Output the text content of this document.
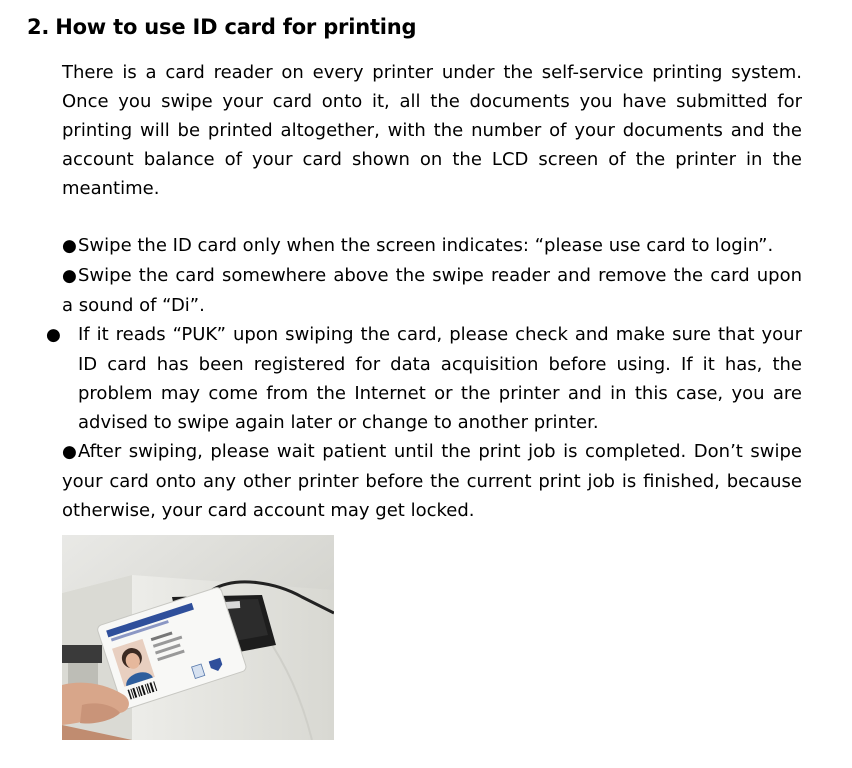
2. How to use ID card for printing

There is a card reader on every printer under the self-service printing system. Once you swipe your card onto it, all the documents you have submitted for printing will be printed altogether, with the number of your documents and the account balance of your card shown on the LCD screen of the printer in the meantime.

●Swipe the ID card only when the screen indicates: “please use card to login”.

●Swipe the card somewhere above the swipe reader and remove the card upon a sound of “Di”.

● If it reads “PUK” upon swiping the card, please check and make sure that your ID card has been registered for data acquisition before using. If it has, the problem may come from the Internet or the printer and in this case, you are advised to swipe again later or change to another printer.

●After swiping, please wait patient until the print job is completed. Don’t swipe your card onto any other printer before the current print job is finished, because otherwise, your card account may get locked.
